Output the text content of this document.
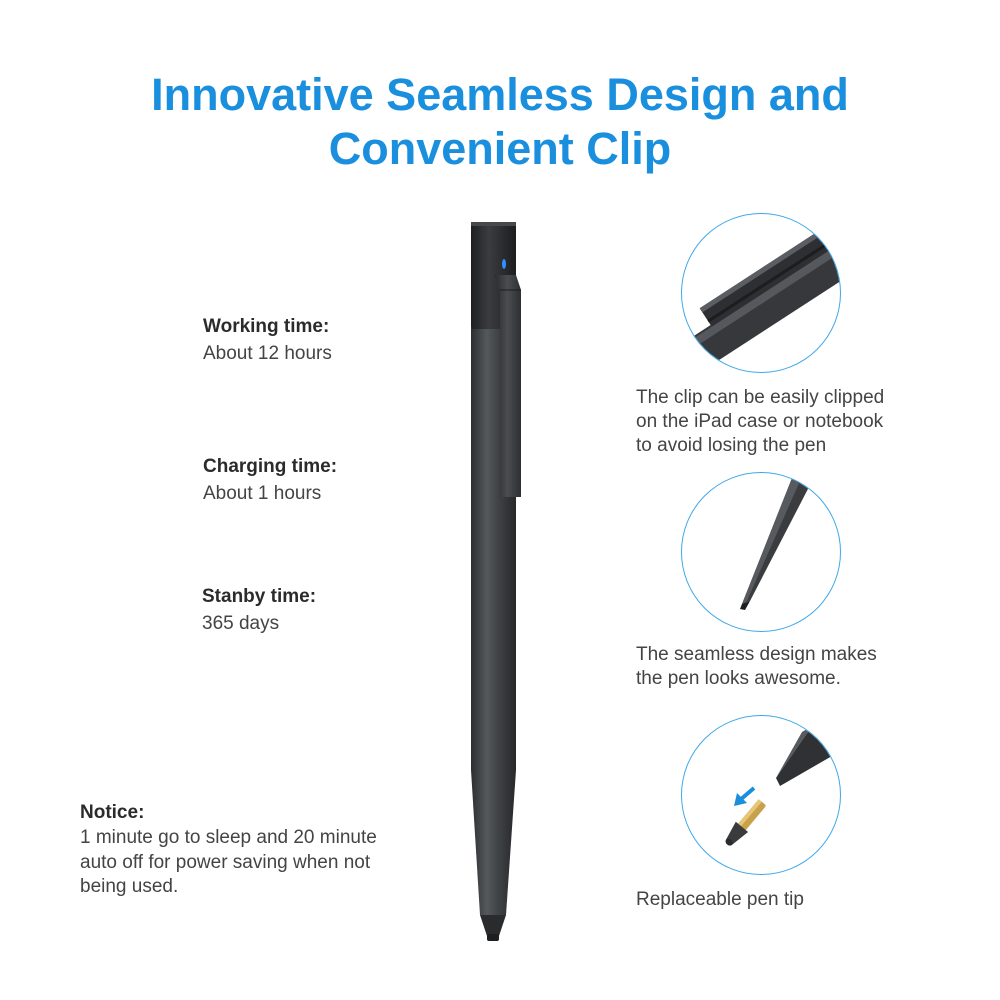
Innovative Seamless Design and
Convenient Clip
Working time:
About 12 hours
Charging time:
About 1 hours
Stanby time:
365 days
Notice:
1 minute go to sleep and 20 minute
auto off for power saving when not
being used.
The clip can be easily clipped
on the iPad case or notebook
to avoid losing the pen
The seamless design makes
the pen looks awesome.
Replaceable pen tip
